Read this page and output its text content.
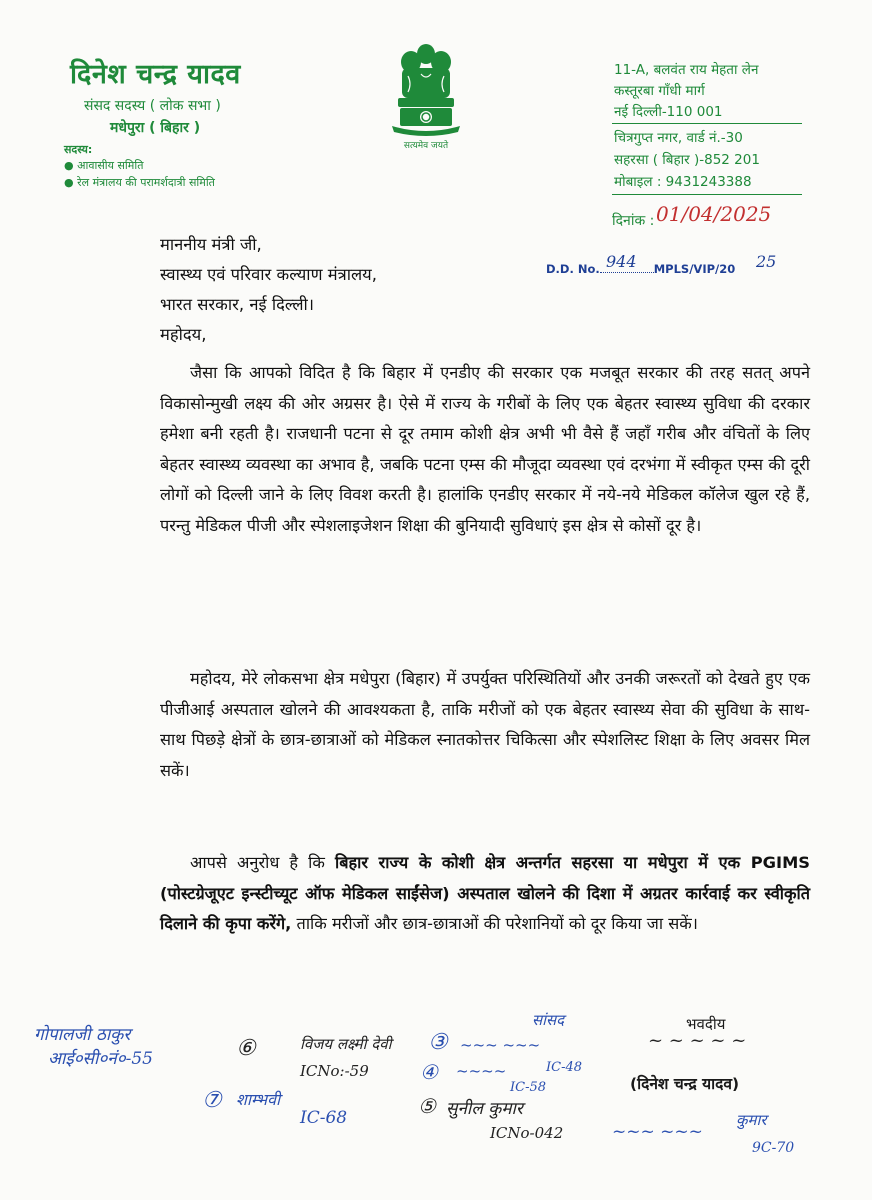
दिनेश चन्द्र यादव
संसद सदस्य ( लोक सभा )
मधेपुरा ( बिहार )
सदस्य:
● आवासीय समिति
● रेल मंत्रालय की परामर्शदात्री समिति
सत्यमेव जयते
11-A, बलवंत राय मेहता लेन
कस्तूरबा गाँधी मार्ग
नई दिल्ली-110 001
चित्रगुप्त नगर, वार्ड नं.-30
सहरसा ( बिहार )-852 201
मोबाइल : 9431243388
दिनांक : 01/04/2025
D.D. No.	MPLS/VIP/20
944	25
माननीय मंत्री जी,
स्वास्थ्य एवं परिवार कल्याण मंत्रालय,
भारत सरकार, नई दिल्ली।
महोदय,
जैसा कि आपको विदित है कि बिहार में एनडीए की सरकार एक मजबूत सरकार की तरह सतत् अपने विकासोन्मुखी लक्ष्य की ओर अग्रसर है। ऐसे में राज्य के गरीबों के लिए एक बेहतर स्वास्थ्य सुविधा की दरकार हमेशा बनी रहती है। राजधानी पटना से दूर तमाम कोशी क्षेत्र अभी भी वैसे हैं जहाँ गरीब और वंचितों के लिए बेहतर स्वास्थ्य व्यवस्था का अभाव है, जबकि पटना एम्स की मौजूदा व्यवस्था एवं दरभंगा में स्वीकृत एम्स की दूरी लोगों को दिल्ली जाने के लिए विवश करती है। हालांकि एनडीए सरकार में नये-नये मेडिकल कॉलेज खुल रहे हैं, परन्तु मेडिकल पीजी और स्पेशलाइजेशन शिक्षा की बुनियादी सुविधाएं इस क्षेत्र से कोसों दूर है।
महोदय, मेरे लोकसभा क्षेत्र मधेपुरा (बिहार) में उपर्युक्त परिस्थितियों और उनकी जरूरतों को देखते हुए एक पीजीआई अस्पताल खोलने की आवश्यकता है, ताकि मरीजों को एक बेहतर स्वास्थ्य सेवा की सुविधा के साथ-साथ पिछड़े क्षेत्रों के छात्र-छात्राओं को मेडिकल स्नातकोत्तर चिकित्सा और स्पेशलिस्ट शिक्षा के लिए अवसर मिल सकें।
आपसे अनुरोध है कि बिहार राज्य के कोशी क्षेत्र अन्तर्गत सहरसा या मधेपुरा में एक PGIMS (पोस्टग्रेजूएट इन्स्टीच्यूट ऑफ मेडिकल साईंसेज) अस्पताल खोलने की दिशा में अग्रतर कार्रवाई कर स्वीकृति दिलाने की कृपा करेंगे, ताकि मरीजों और छात्र-छात्राओं की परेशानियों को दूर किया जा सकें।
भवदीय
~ ~ ~ ~ ~
(दिनेश चन्द्र यादव)
गोपालजी ठाकुर
आई०सी०नं०-55	⑥	विजय लक्ष्मी देवी
ICNo:-59
③ ~~~ ~~~
सांसद
④ ~~~~	IC-48
IC-58
⑦ शाम्भवी
IC-68	⑤ सुनील कुमार
ICNo-042	~~~ ~~~
कुमार
9C-70
